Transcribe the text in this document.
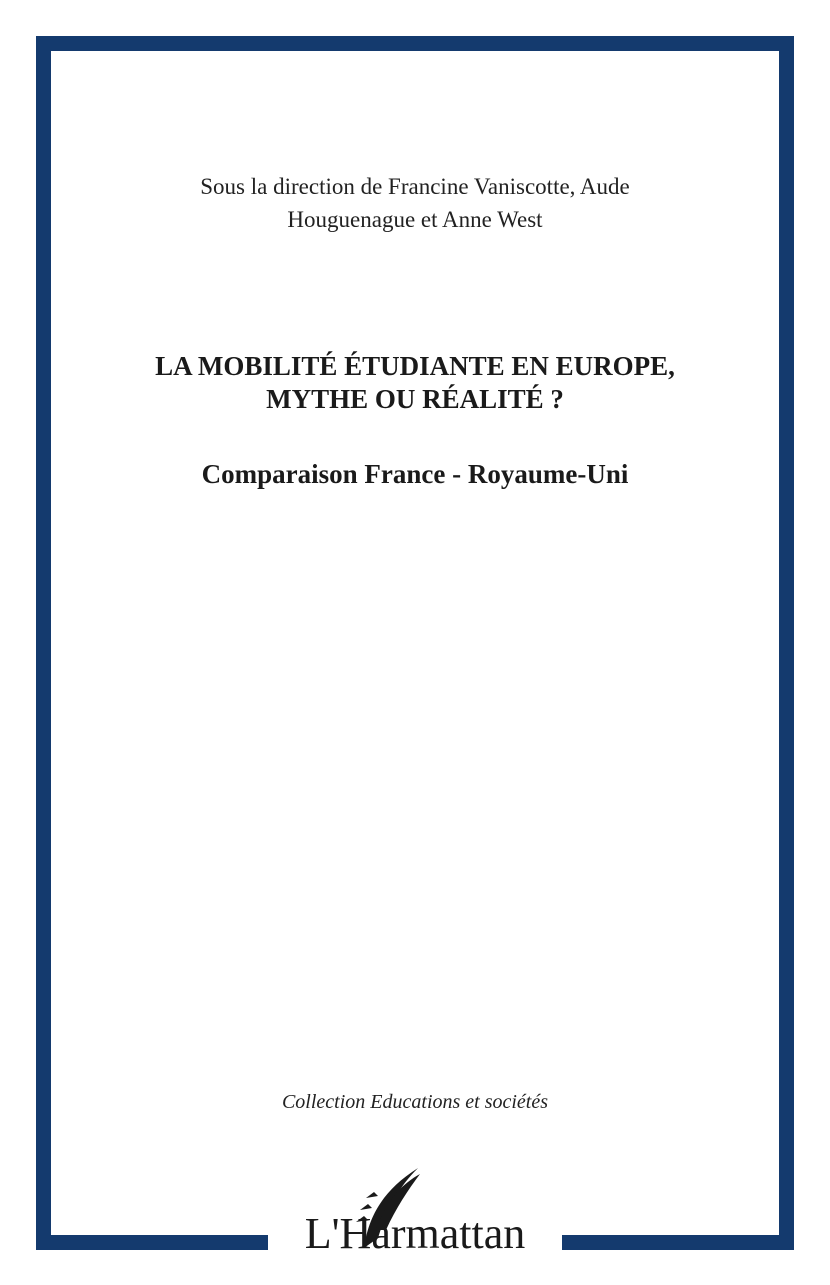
Sous la direction de Francine Vaniscotte, Aude
Houguenague et Anne West
LA MOBILITÉ ÉTUDIANTE EN EUROPE,
MYTHE OU RÉALITÉ ?
Comparaison France - Royaume-Uni
Collection Educations et sociétés
L'Harmattan
